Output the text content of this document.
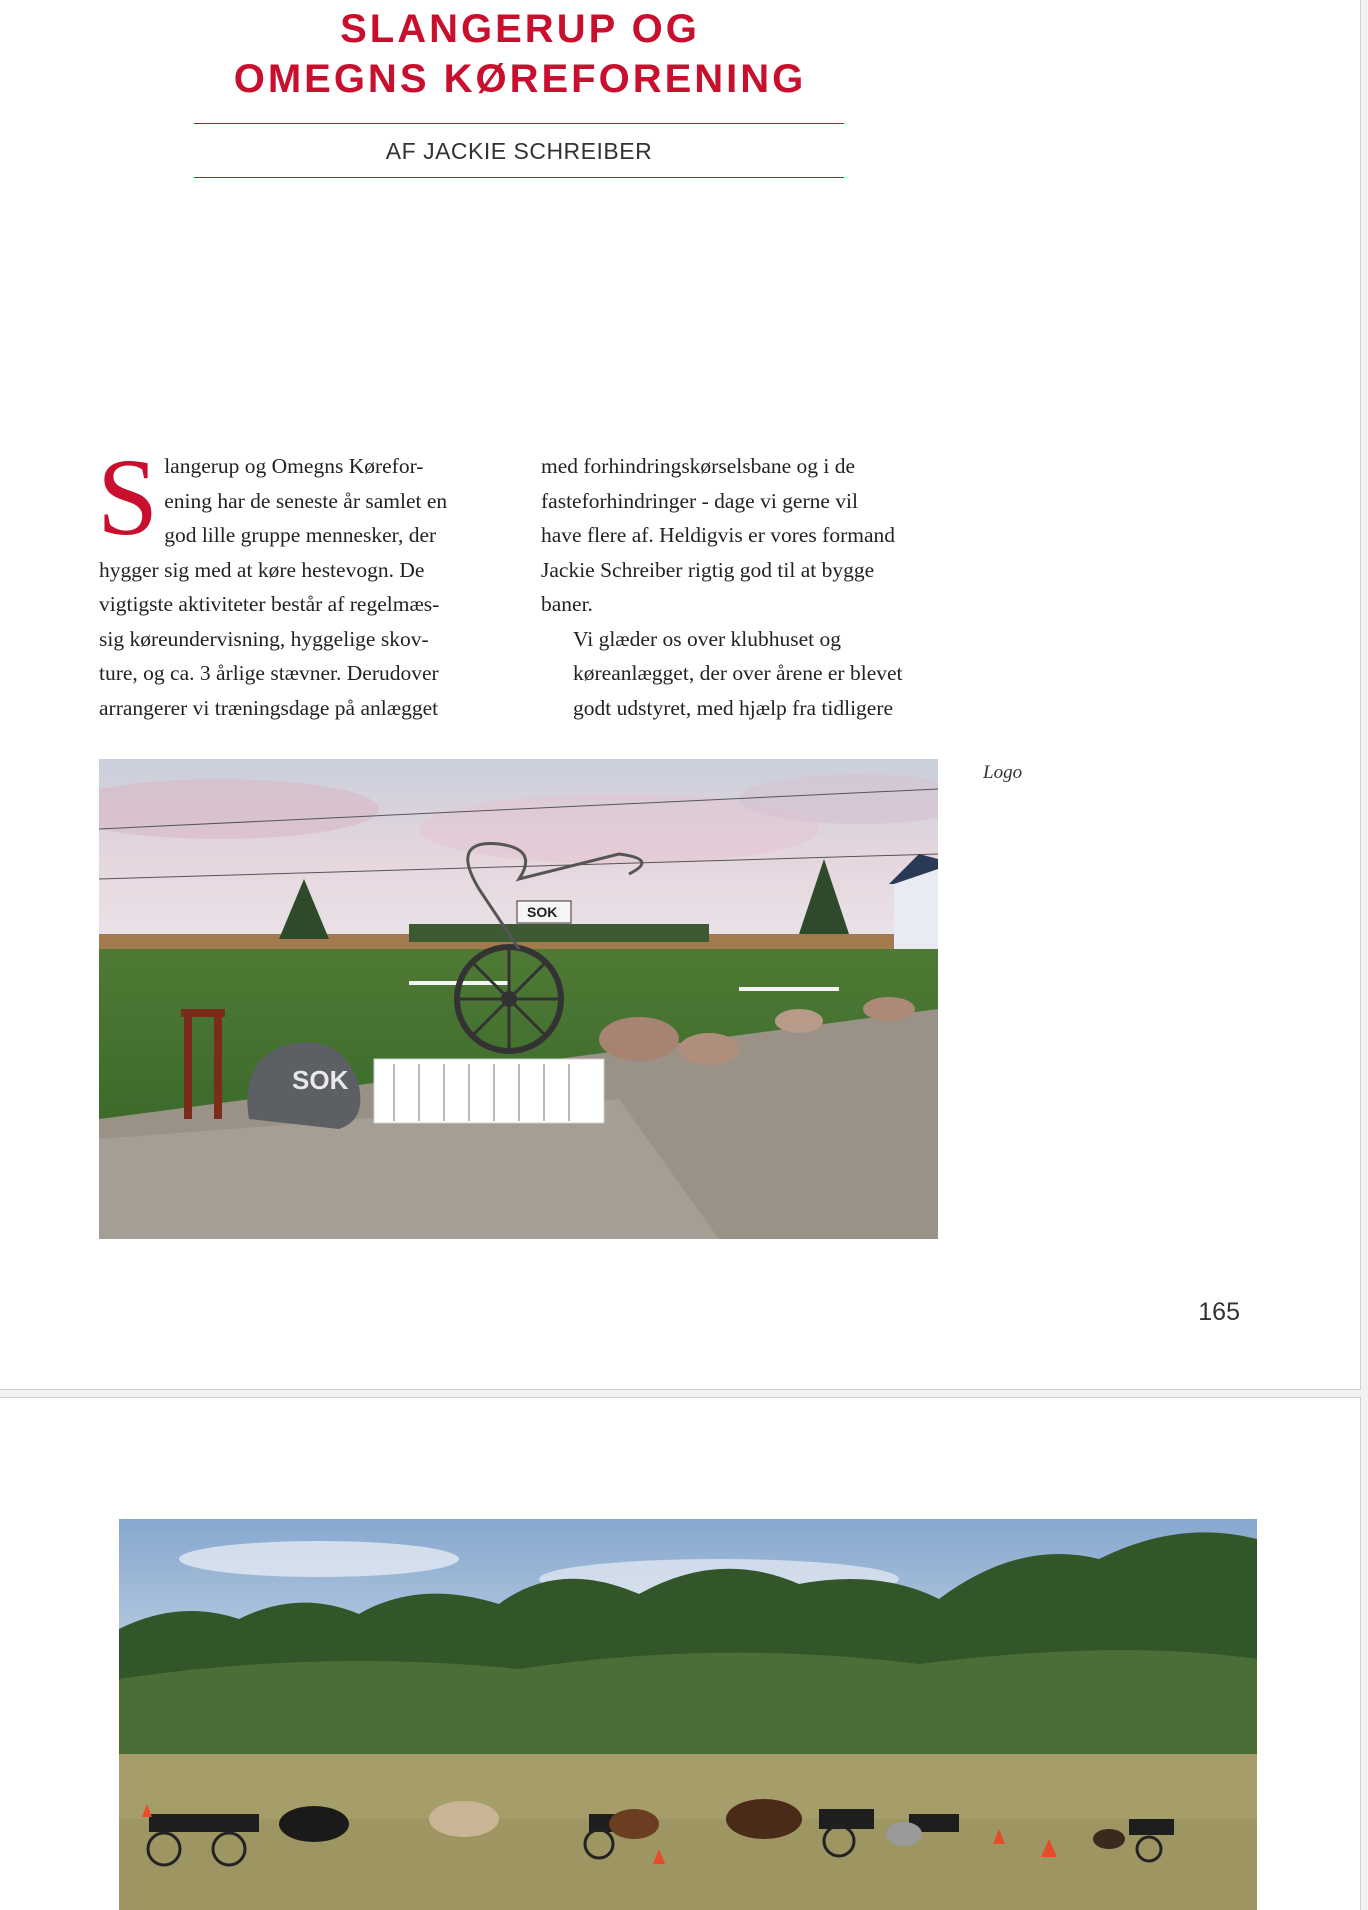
SLANGERUP OG
OMEGNS KØREFORENING
AF JACKIE SCHREIBER
S langerup og Omegns Kørefor-
ening har de seneste år samlet en
god lille gruppe mennesker, der
hygger sig med at køre hestevogn. De
vigtigste aktiviteter består af regelmæs-
sig køreundervisning, hyggelige skov-
ture, og ca. 3 årlige stævner. Derudover
arrangerer vi træningsdage på anlægget
med forhindringskørselsbane og i de
fasteforhindringer - dage vi gerne vil
have flere af. Heldigvis er vores formand
Jackie Schreiber rigtig god til at bygge
baner.
Vi glæder os over klubhuset og
køreanlægget, der over årene er blevet
godt udstyret, med hjælp fra tidligere
SOK
SOK
Logo
165
